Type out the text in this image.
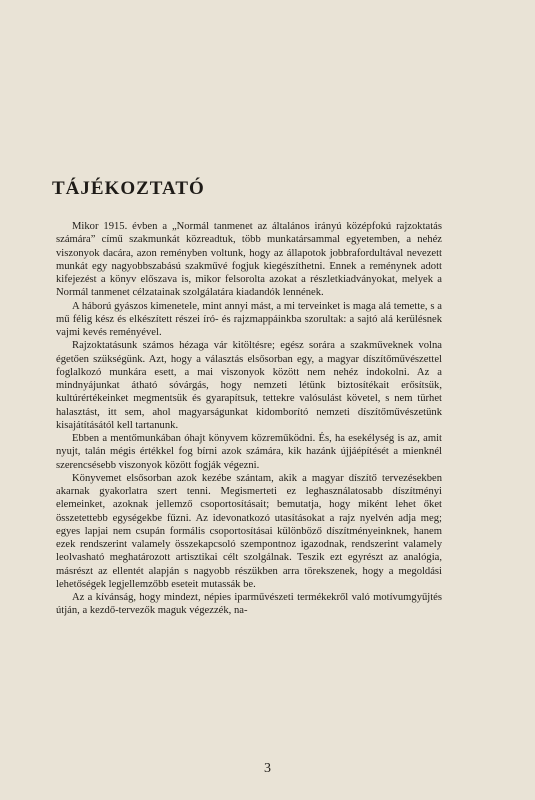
TÁJÉKOZTATÓ

Mikor 1915. évben a „Normál tanmenet az általános irányú középfokú rajzoktatás számára” című szakmunkát közreadtuk, több munkatársammal egyetemben, a nehéz viszonyok dacára, azon reményben voltunk, hogy az állapotok jobbrafordultával nevezett munkát egy nagyobbszabású szakművé fogjuk kiegészíthetni. Ennek a reménynek adott kifejezést a könyv előszava is, mikor felsorolta azokat a részletkiadványokat, melyek a Normál tanmenet célzatainak szolgálatára kiadandók lennének.

A háború gyászos kimenetele, mint annyi mást, a mi terveinket is maga alá temette, s a mű félig kész és elkészített részei író- és rajzmappáinkba szorultak: a sajtó alá kerülésnek vajmi kevés reményével.

Rajzoktatásunk számos hézaga vár kitöltésre; egész sorára a szakműveknek volna égetően szükségünk. Azt, hogy a választás elsősorban egy, a magyar díszítőművészettel foglalkozó munkára esett, a mai viszonyok között nem nehéz indokolni. Az a mindnyájunkat átható sóvárgás, hogy nemzeti létünk biztosítékait erősítsük, kultúrértékeinket megmentsük és gyarapítsuk, tettekre valósulást követel, s nem türhet halasztást, itt sem, ahol magyarságunkat kidomborító nemzeti díszítőművészetünk kisajátításától kell tartanunk.

Ebben a mentőmunkában óhajt könyvem közreműködni. És, ha esekélység is az, amit nyujt, talán mégis értékkel fog bírni azok számára, kik hazánk újjáépítését a mienknél szerencsésebb viszonyok között fogják végezni.

Könyvemet elsősorban azok kezébe szántam, akik a magyar díszítő tervezésekben akarnak gyakorlatra szert tenni. Megismerteti ez leghasználatosabb díszítményi elemeinket, azoknak jellemző csoportosításait; bemutatja, hogy miként lehet őket összetettebb egységekbe fűzni. Az idevonatkozó utasításokat a rajz nyelvén adja meg; egyes lapjai nem csupán formális csoportosításai különböző díszítményeinknek, hanem ezek rendszerint valamely összekapcsoló szempontnoz igazodnak, rendszerint valamely leolvasható meghatározott artisztikai célt szolgálnak. Teszik ezt egyrészt az analógia, másrészt az ellentét alapján s nagyobb részükben arra törekszenek, hogy a megoldási lehetőségek legjellemzőbb eseteit mutassák be.

Az a kívánság, hogy mindezt, népies iparművészeti termékekről való motívumgyűjtés útján, a kezdő-tervezők maguk végezzék, na-

3
